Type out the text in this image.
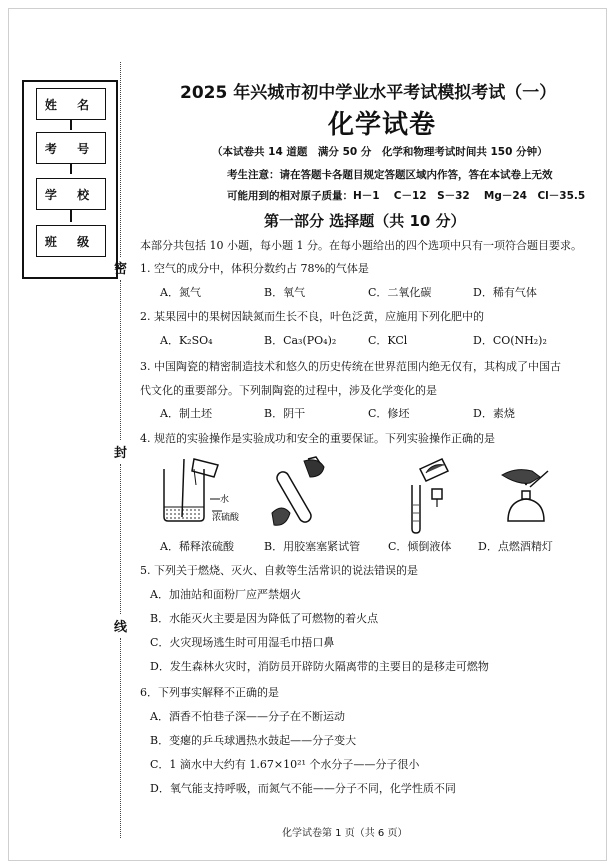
姓 名
考 号
学 校
班 级
密
封
线
2025 年兴城市初中学业水平考试模拟考试（一）
化学试卷
（本试卷共 14 道题　满分 50 分　化学和物理考试时间共 150 分钟）
考生注意：请在答题卡各题目规定答题区域内作答，答在本试卷上无效
可能用到的相对原子质量：H－1　 C－12　S－32　 Mg－24　Cl－35.5
第一部分 选择题（共 10 分）
本部分共包括 10 小题，每小题 1 分。在每小题给出的四个选项中只有一项符合题目要求。
1. 空气的成分中，体积分数约占 78%的气体是
A．氮气	B．氧气	C．二氧化碳	D．稀有气体
2. 某果园中的果树因缺氮而生长不良，叶色泛黄，应施用下列化肥中的
A．K₂SO₄	B．Ca₃(PO₄)₂	C．KCl	D．CO(NH₂)₂
3. 中国陶瓷的精密制造技术和悠久的历史传统在世界范围内绝无仅有，其构成了中国古
代文化的重要部分。下列制陶瓷的过程中，涉及化学变化的是
A．制土坯	B．阴干	C．修坯	D．素烧
4. 规范的实验操作是实验成功和安全的重要保证。下列实验操作正确的是
水
浓硫酸
A．稀释浓硫酸	B．用胶塞塞紧试管	C．倾倒液体 D．点燃酒精灯
5. 下列关于燃烧、灭火、自救等生活常识的说法错误的是
A．加油站和面粉厂应严禁烟火
B．水能灭火主要是因为降低了可燃物的着火点
C．火灾现场逃生时可用湿毛巾捂口鼻
D．发生森林火灾时，消防员开辟防火隔离带的主要目的是移走可燃物
6．下列事实解释不正确的是
A．酒香不怕巷子深——分子在不断运动
B．变瘪的乒乓球遇热水鼓起——分子变大
C．1 滴水中大约有 1.67×10²¹ 个水分子——分子很小
D．氧气能支持呼吸，而氮气不能——分子不同，化学性质不同
化学试卷第 1 页（共 6 页）
